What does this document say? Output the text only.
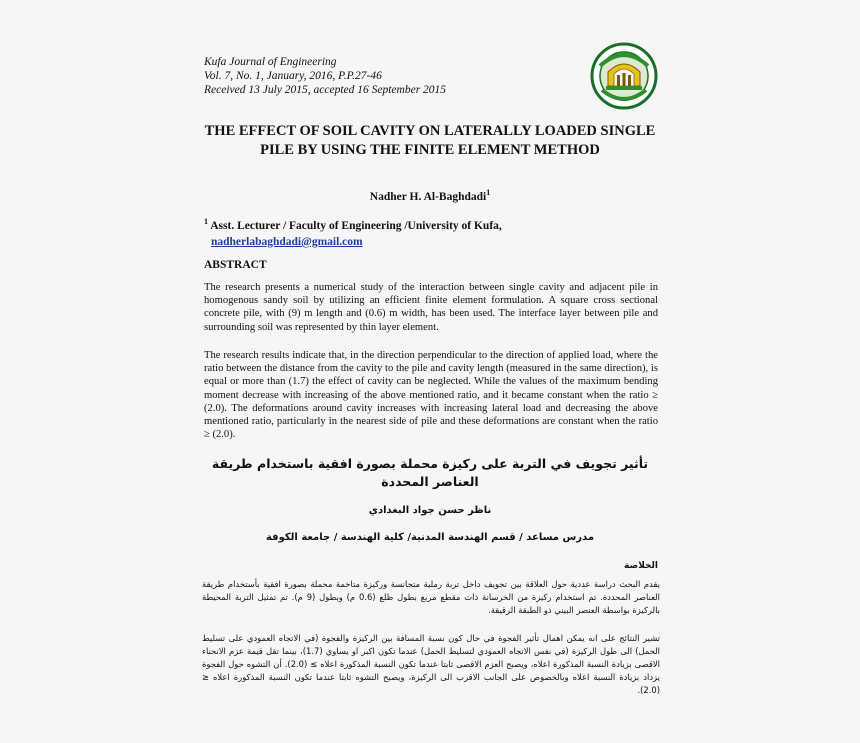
Kufa Journal of Engineering
Vol. 7, No. 1, January, 2016, P.P.27-46
Received 13 July 2015, accepted 16 September 2015
THE EFFECT OF SOIL CAVITY ON LATERALLY LOADED SINGLE PILE BY USING THE FINITE ELEMENT METHOD
Nadher H. Al-Baghdadi$^1$
$^1$ Asst. Lecturer / Faculty of Engineering /University of Kufa,
nadherlabaghdadi@gmail.com
ABSTRACT
The research presents a numerical study of the interaction between single cavity and adjacent pile in homogenous sandy soil by utilizing an efficient finite element formulation. A square cross sectional concrete pile, with (9) m length and (0.6) m width, has been used. The interface layer between pile and surrounding soil was represented by thin layer element.
The research results indicate that, in the direction perpendicular to the direction of applied load, where the ratio between the distance from the cavity to the pile and cavity length (measured in the same direction), is equal or more than (1.7) the effect of cavity can be neglected. While the values of the maximum bending moment decrease with increasing of the above mentioned ratio, and it became constant when the ratio ≥ (2.0). The deformations around cavity increases with increasing lateral load and decreasing the above mentioned ratio, particularly in the nearest side of pile and these deformations are constant when the ratio ≥ (2.0).
تأثير تجويف في التربة على ركيزة محملة بصورة افقية باستخدام طريقة العناصر المحددة
ناظر حسن جواد البغدادي
مدرس مساعد / قسم الهندسة المدنية/ كلية الهندسة / جامعة الكوفة
الخلاصة
يقدم البحث دراسة عددية حول العلاقة بين تجويف داخل تربة رملية متجانسة وركيزة متاخمة محملة بصورة افقية بأستخدام طريقة العناصر المحددة. تم استخدام ركيزة من الخرسانة ذات مقطع مربع بطول ظلع (0.6 م) وبطول (9 م). تم تمثيل التربة المحيطة بالركيزة بواسطة العنصر البيني ذو الطبقة الرقيقة.
تشير النتائج على انه يمكن اهمال تأثير الفجوة في حال كون نسبة المسافة بين الركيزة والفجوة (في الاتجاه العمودي على تسليط الحمل) الى طول الركيزة (في نفس الاتجاه العمودي لتسليط الحمل) عندما تكون اكبر او يساوي (1.7)، بينما تقل قيمة عزم الانحناء الاقصى بزيادة النسبة المذكورة اعلاه، ويصبح العزم الاقصى ثابتا عندما تكون النسبة المذكورة اعلاه ≥ (2.0). أن التشوه حول الفجوة يزداد بزيادة النسبة اعلاه وبالخصوص على الجانب الاقرب الى الركيزة، ويصبح التشوه ثابتا عندما تكون النسبة المذكورة اعلاه ≤ (2.0).
